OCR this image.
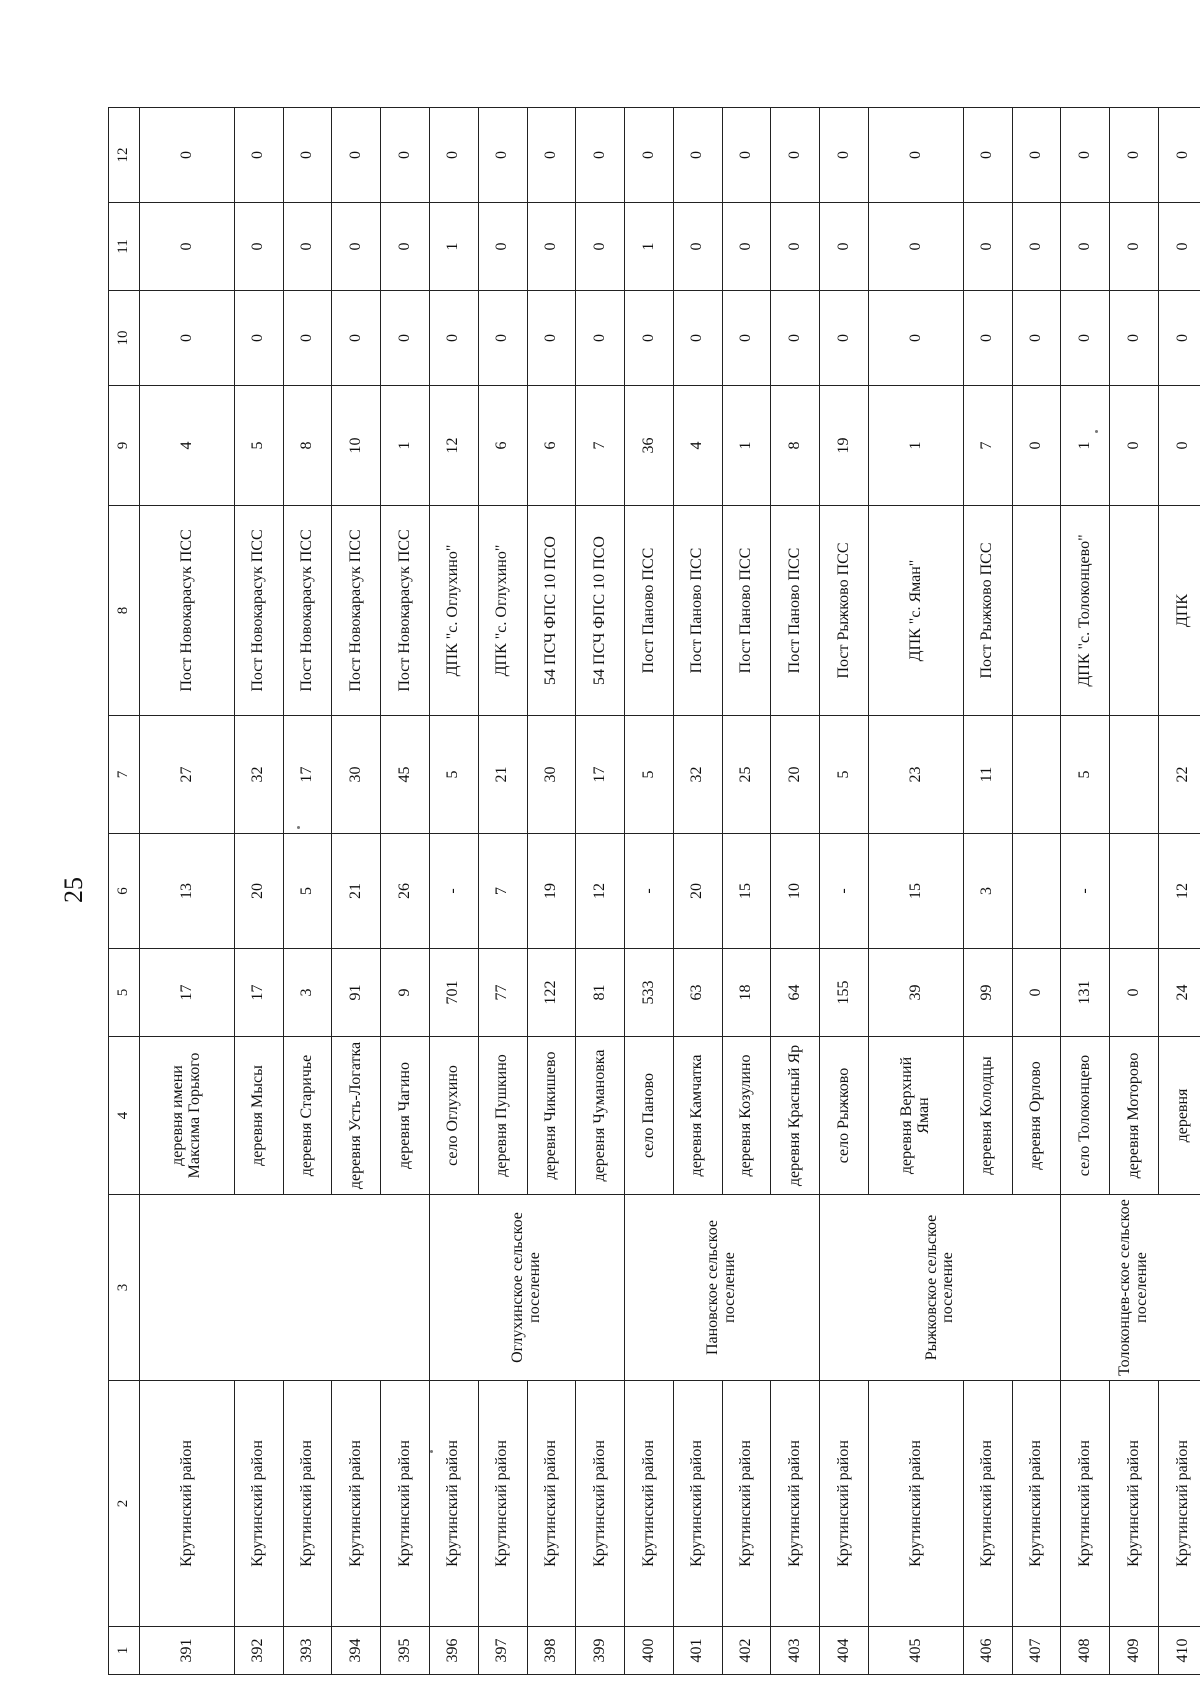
25
1	2	3	4	5	6	7	8	9	10	11	12
391	Крутинский район		деревня имени Максима Горького	17	13	27	Пост Новокарасук ПСС	4	0	0	0
392	Крутинский район		деревня Мысы	17	20	32	Пост Новокарасук ПСС	5	0	0	0
393	Крутинский район		деревня Старичье	3	5	17	Пост Новокарасук ПСС	8	0	0	0
394	Крутинский район		деревня Усть-Логатка	91	21	30	Пост Новокарасук ПСС	10	0	0	0
395	Крутинский район		деревня Чагино	9	26	45	Пост Новокарасук ПСС	1	0	0	0
396	Крутинский район	Оглухинское сельское поселение	село Оглухино	701	-	5	ДПК "с. Оглухино"	12	0	1	0
397	Крутинский район		деревня Пушкино	77	7	21	ДПК "с. Оглухино"	6	0	0	0
398	Крутинский район		деревня Чикишево	122	19	30	54 ПСЧ ФПС 10 ПСО	6	0	0	0
399	Крутинский район		деревня Чумановка	81	12	17	54 ПСЧ ФПС 10 ПСО	7	0	0	0
400	Крутинский район	Пановское сельское поселение	село Паново	533	-	5	Пост Паново ПСС	36	0	1	0
401	Крутинский район		деревня Камчатка	63	20	32	Пост Паново ПСС	4	0	0	0
402	Крутинский район		деревня Козулино	18	15	25	Пост Паново ПСС	1	0	0	0
403	Крутинский район		деревня Красный Яр	64	10	20	Пост Паново ПСС	8	0	0	0
404	Крутинский район	Рыжковское сельское поселение	село Рыжково	155	-	5	Пост Рыжково ПСС	19	0	0	0
405	Крутинский район		деревня Верхний Яман	39	15	23	ДПК "с. Яман"	1	0	0	0
406	Крутинский район		деревня Колодцы	99	3	11	Пост Рыжково ПСС	7	0	0	0
407	Крутинский район		деревня Орлово	0				0	0	0	0
408	Крутинский район	Толоконцев-ское сельское поселение	село Толоконцево	131	-	5	ДПК "с. Толоконцево"	1	0	0	0
409	Крутинский район		деревня Моторово	0				0	0	0	0
410	Крутинский район		деревня	24	12	22	ДПК	0	0	0	0
